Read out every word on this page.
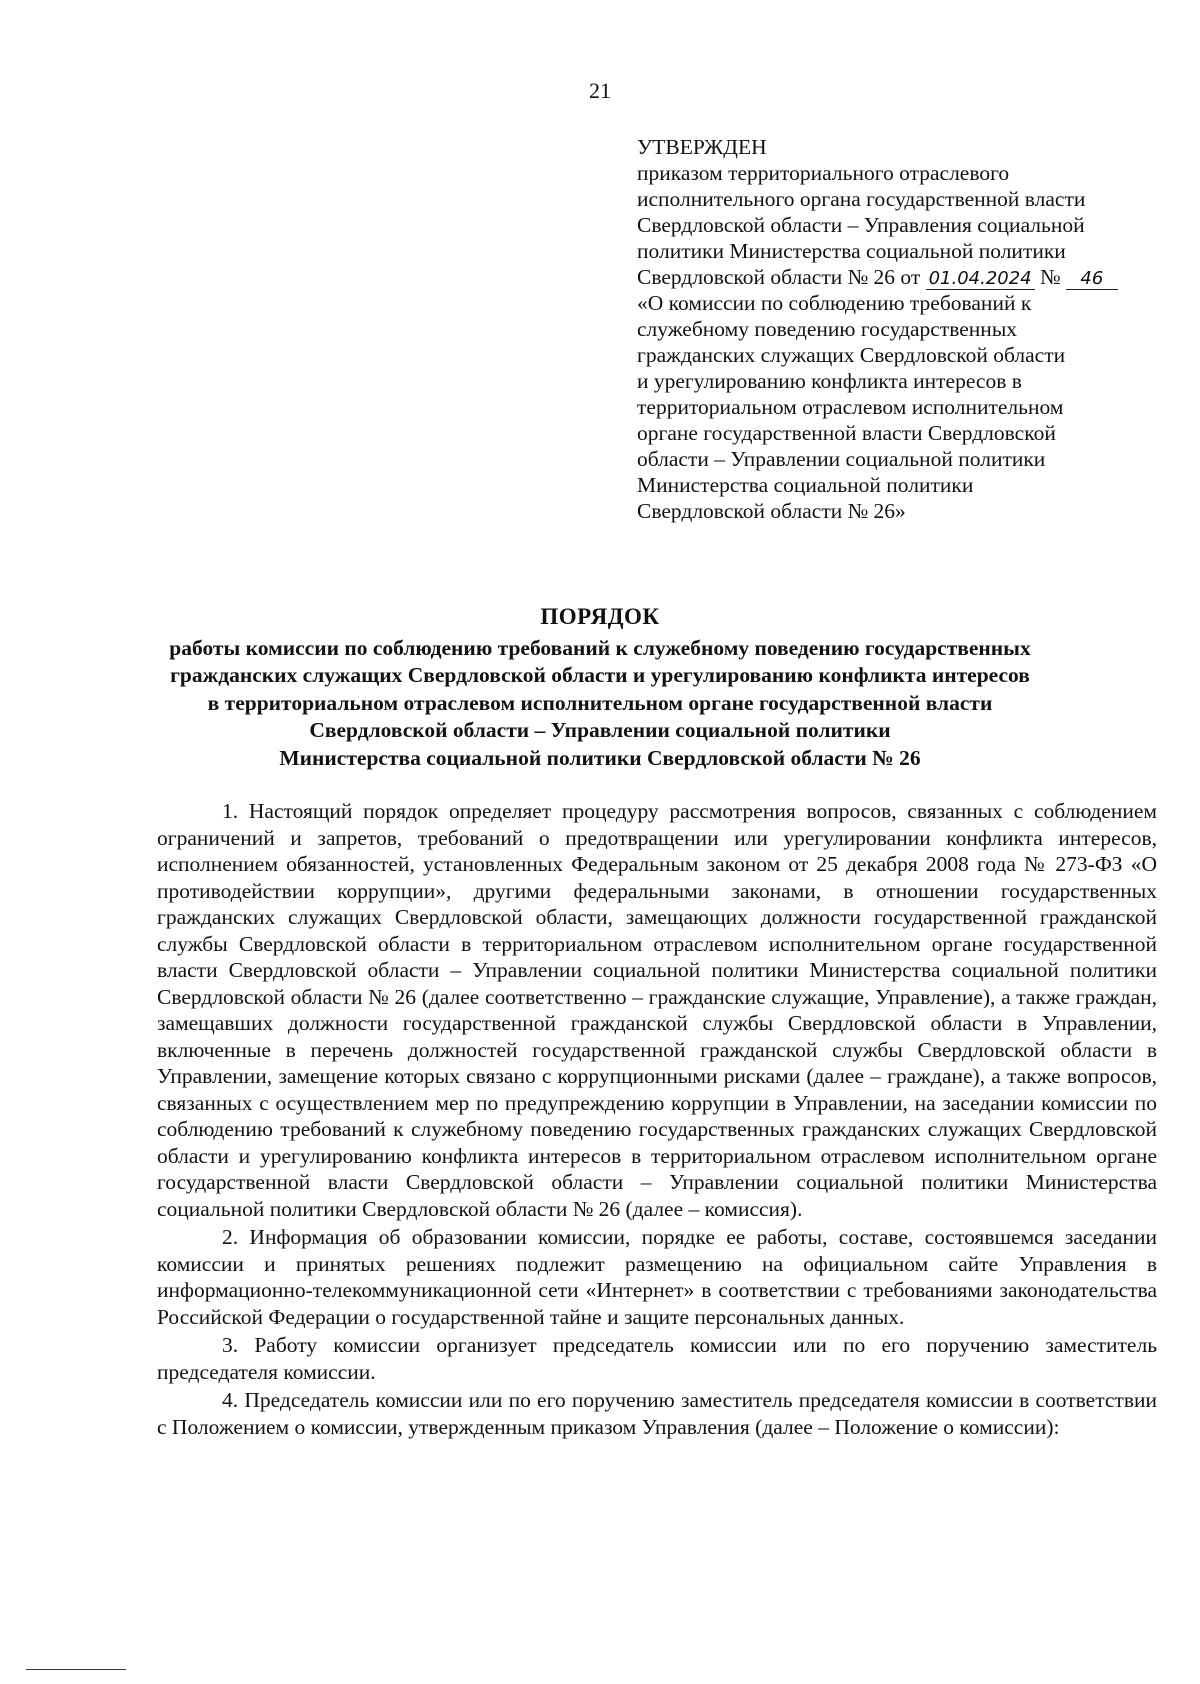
21
УТВЕРЖДЕН
приказом территориального отраслевого
исполнительного органа государственной власти
Свердловской области – Управления социальной
политики Министерства социальной политики
Свердловской области № 26 от 01.04.2024 № 46
«О комиссии по соблюдению требований к
служебному поведению государственных
гражданских служащих Свердловской области
и урегулированию конфликта интересов в
территориальном отраслевом исполнительном
органе государственной власти Свердловской
области – Управлении социальной политики
Министерства социальной политики
Свердловской области № 26»
ПОРЯДОК
работы комиссии по соблюдению требований к служебному поведению государственных
гражданских служащих Свердловской области и урегулированию конфликта интересов
в территориальном отраслевом исполнительном органе государственной власти
Свердловской области – Управлении социальной политики
Министерства социальной политики Свердловской области № 26

1. Настоящий порядок определяет процедуру рассмотрения вопросов, связанных с соблюдением ограничений и запретов, требований о предотвращении или урегулировании конфликта интересов, исполнением обязанностей, установленных Федеральным законом от 25 декабря 2008 года № 273-ФЗ «О противодействии коррупции», другими федеральными законами, в отношении государственных гражданских служащих Свердловской области, замещающих должности государственной гражданской службы Свердловской области в территориальном отраслевом исполнительном органе государственной власти Свердловской области – Управлении социальной политики Министерства социальной политики Свердловской области № 26 (далее соответственно – гражданские служащие, Управление), а также граждан, замещавших должности государственной гражданской службы Свердловской области в Управлении, включенные в перечень должностей государственной гражданской службы Свердловской области в Управлении, замещение которых связано с коррупционными рисками (далее – граждане), а также вопросов, связанных с осуществлением мер по предупреждению коррупции в Управлении, на заседании комиссии по соблюдению требований к служебному поведению государственных гражданских служащих Свердловской области и урегулированию конфликта интересов в территориальном отраслевом исполнительном органе государственной власти Свердловской области – Управлении социальной политики Министерства социальной политики Свердловской области № 26 (далее – комиссия).

2. Информация об образовании комиссии, порядке ее работы, составе, состоявшемся заседании комиссии и принятых решениях подлежит размещению на официальном сайте Управления в информационно-телекоммуникационной сети «Интернет» в соответствии с требованиями законодательства Российской Федерации о государственной тайне и защите персональных данных.

3. Работу комиссии организует председатель комиссии или по его поручению заместитель председателя комиссии.

4. Председатель комиссии или по его поручению заместитель председателя комиссии в соответствии с Положением о комиссии, утвержденным приказом Управления (далее – Положение о комиссии):
